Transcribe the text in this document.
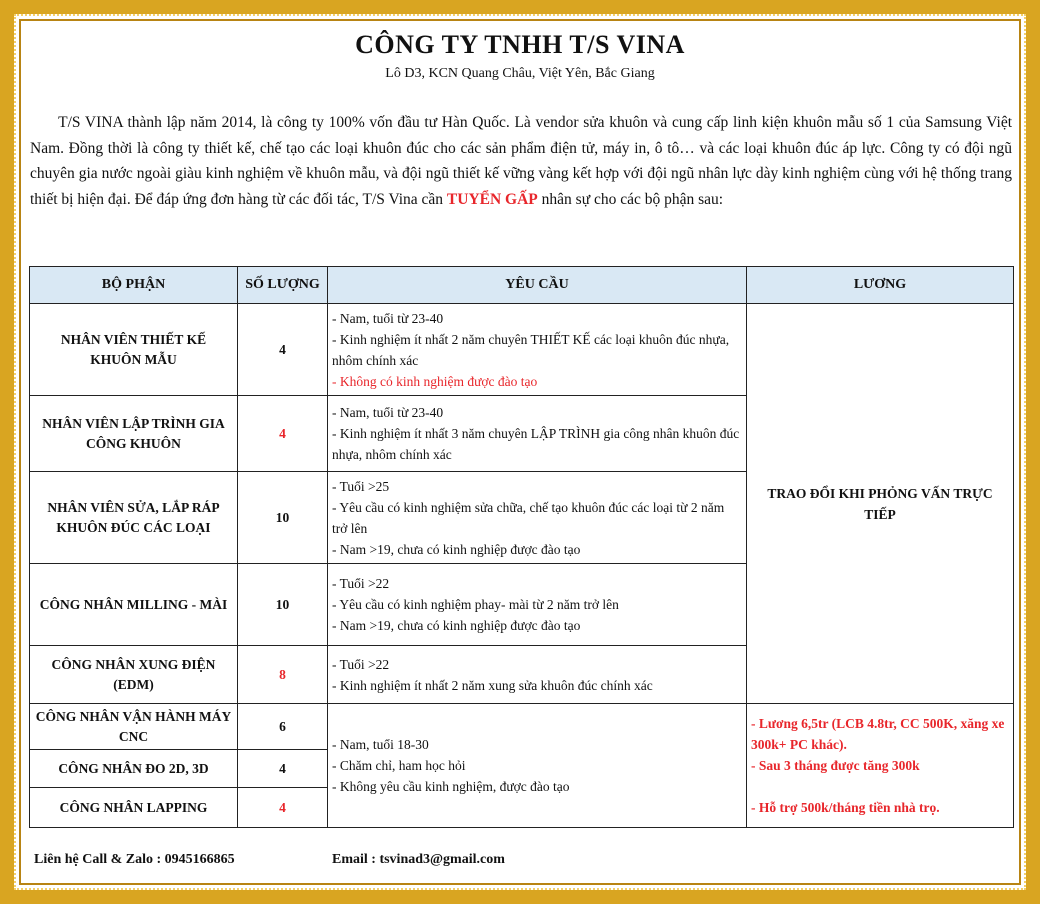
CÔNG TY TNHH T/S VINA
Lô D3, KCN Quang Châu, Việt Yên, Bắc Giang
T/S VINA thành lập năm 2014, là công ty 100% vốn đầu tư Hàn Quốc. Là vendor sửa khuôn và cung cấp linh kiện khuôn mẫu số 1 của Samsung Việt Nam. Đồng thời là công ty thiết kế, chế tạo các loại khuôn đúc cho các sản phẩm điện tử, máy in, ô tô… và các loại khuôn đúc áp lực. Công ty có đội ngũ chuyên gia nước ngoài giàu kinh nghiệm về khuôn mẫu, và đội ngũ thiết kế vững vàng kết hợp với đội ngũ nhân lực dày kinh nghiệm cùng với hệ thống trang thiết bị hiện đại. Để đáp ứng đơn hàng từ các đối tác, T/S Vina cần TUYỂN GẤP nhân sự cho các bộ phận sau:
BỘ PHẬN	SỐ LƯỢNG	YÊU CẦU	LƯƠNG
NHÂN VIÊN THIẾT KẾ KHUÔN MẪU	4	- Nam, tuổi từ 23-40
- Kinh nghiệm ít nhất 2 năm chuyên THIẾT KẾ các loại khuôn đúc nhựa, nhôm chính xác
- Không có kinh nghiệm được đào tạo	TRAO ĐỔI KHI PHỎNG VẤN TRỰC TIẾP
NHÂN VIÊN LẬP TRÌNH GIA CÔNG KHUÔN	4	- Nam, tuổi từ 23-40
- Kinh nghiệm ít nhất 3 năm chuyên LẬP TRÌNH gia công nhân khuôn đúc nhựa, nhôm chính xác	

NHÂN VIÊN SỬA, LẮP RÁP KHUÔN ĐÚC CÁC LOẠI	10	- Tuổi >25
- Yêu cầu có kinh nghiệm sửa chữa, chế tạo khuôn đúc các loại từ 2 năm trở lên
- Nam >19, chưa có kinh nghiệp được đào tạo	

CÔNG NHÂN MILLING - MÀI	10	- Tuổi >22
- Yêu cầu có kinh nghiệm phay- mài từ 2 năm trở lên
- Nam >19, chưa có kinh nghiệp được đào tạo	

CÔNG NHÂN XUNG ĐIỆN (EDM)	8	- Tuổi >22
- Kinh nghiệm ít nhất 2 năm xung sửa khuôn đúc chính xác	

CÔNG NHÂN VẬN HÀNH MÁY CNC	6	- Nam, tuổi 18-30
- Chăm chỉ, ham học hỏi
- Không yêu cầu kinh nghiệm, được đào tạo	- Lương 6,5tr (LCB 4.8tr, CC 500K, xăng xe 300k+ PC khác).
- Sau 3 tháng được tăng 300k

- Hỗ trợ 500k/tháng tiền nhà trọ.

CÔNG NHÂN ĐO 2D, 3D	4		
CÔNG NHÂN LAPPING	4		
Liên hệ Call & Zalo : 0945166865	Email : tsvinad3@gmail.com
